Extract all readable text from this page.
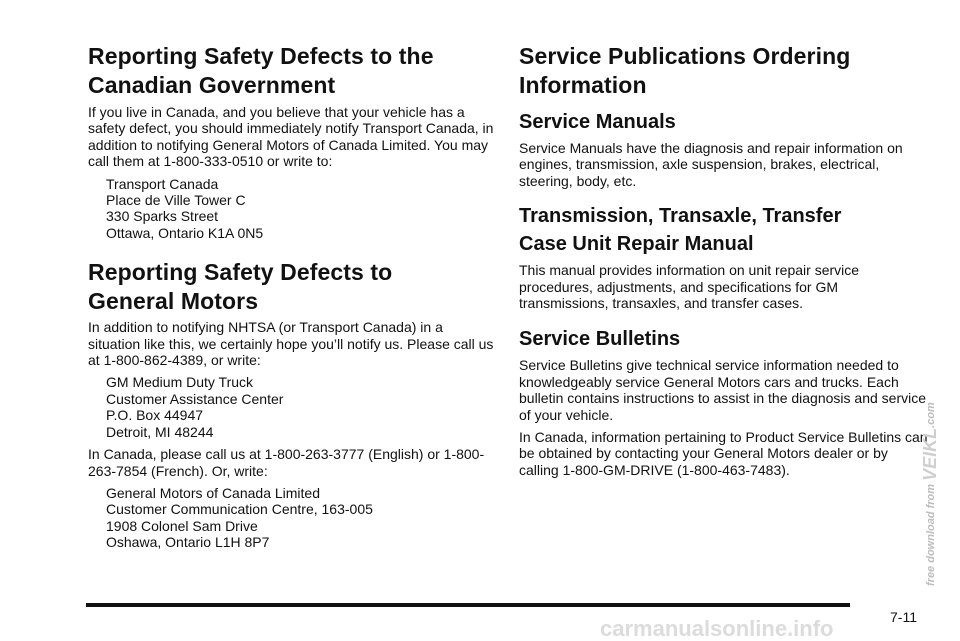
Reporting Safety Defects to the
Canadian Government

If you live in Canada, and you believe that your vehicle has a safety defect, you should immediately notify Transport Canada, in addition to notifying General Motors of Canada Limited. You may call them at 1-800-333-0510 or write to:

Transport Canada
Place de Ville Tower C
330 Sparks Street
Ottawa, Ontario K1A 0N5
Reporting Safety Defects to
General Motors

In addition to notifying NHTSA (or Transport Canada) in a situation like this, we certainly hope you’ll notify us. Please call us at 1-800-862-4389, or write:

GM Medium Duty Truck
Customer Assistance Center
P.O. Box 44947
Detroit, MI 48244

In Canada, please call us at 1-800-263-3777 (English) or 1-800-263-7854 (French). Or, write:

General Motors of Canada Limited
Customer Communication Centre, 163-005
1908 Colonel Sam Drive
Oshawa, Ontario L1H 8P7
Service Publications Ordering
Information
Service Manuals

Service Manuals have the diagnosis and repair information on engines, transmission, axle suspension, brakes, electrical, steering, body, etc.

Transmission, Transaxle, Transfer
Case Unit Repair Manual

This manual provides information on unit repair service procedures, adjustments, and specifications for GM transmissions, transaxles, and transfer cases.

Service Bulletins

Service Bulletins give technical service information needed to knowledgeably service General Motors cars and trucks. Each bulletin contains instructions to assist in the diagnosis and service of your vehicle.

In Canada, information pertaining to Product Service Bulletins can be obtained by contacting your General Motors dealer or by calling 1-800-GM-DRIVE (1-800-463-7483).

7-11
free download from VEIKL.com
carmanualsonline.info
